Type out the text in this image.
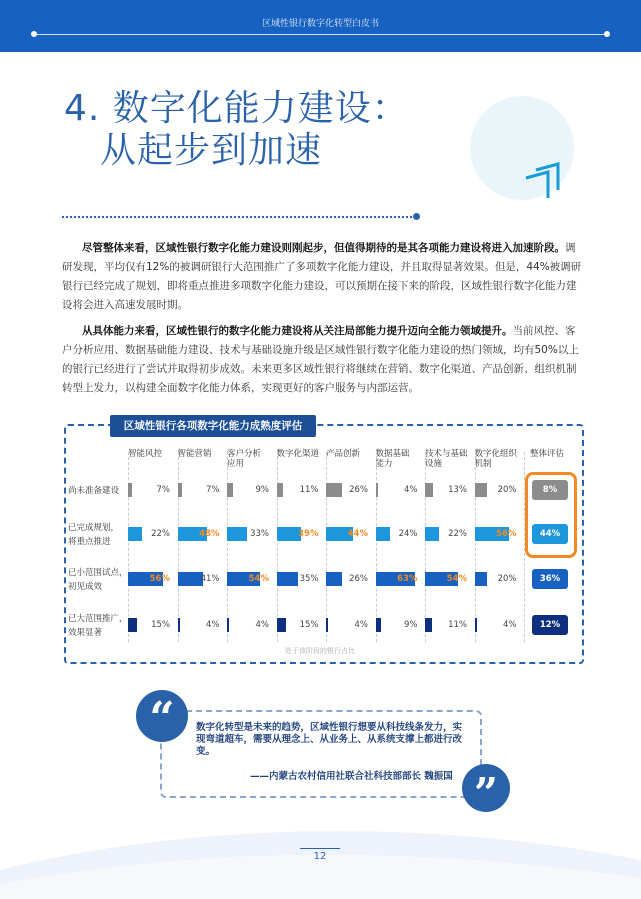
区域性银行数字化转型白皮书
4. 数字化能力建设：
从起步到加速
尽管整体来看，区域性银行数字化能力建设则刚起步，但值得期待的是其各项能力建设将进入加速阶段。调研发现，平均仅有12%的被调研银行大范围推广了多项数字化能力建设，并且取得显著效果。但是，44%被调研银行已经完成了规划，即将重点推进多项数字化能力建设，可以预期在接下来的阶段，区域性银行数字化能力建设将会进入高速发展时期。
从具体能力来看，区域性银行的数字化能力建设将从关注局部能力提升迈向全能力领域提升。当前风控、客户分析应用、数据基础能力建设、技术与基础设施升级是区域性银行数字化能力建设的热门领域，均有50%以上的银行已经进行了尝试并取得初步成效。未来更多区域性银行将继续在营销、数字化渠道、产品创新、组织机制转型上发力，以构建全面数字化能力体系，实现更好的客户服务与内部运营。
区域性银行各项数字化能力成熟度评估
智能风控 智能营销 客户分析
应用
数字化渠道 产品创新 数据基础
能力
技术与基础
设施
数字化组织
机制
尚未准备建设	7%	7%	9%	11%	26%	4%	13%	20%	8%
已完成规划，
将重点推进
22%	48%	33%	39%	44%	24%	22%	56%	44%
已小范围试点，
初见成效
56%	41%	54%	35%	26%	63%	54%	20%	36%
已大范围推广，
效果显著
15%	4%	4%	15%	4%	9%	11%	4%	12%
整体评估
处于该阶段的银行占比
“
”
数字化转型是未来的趋势，区域性银行想要从科技线条发力，实现弯道超车，需要从理念上、从业务上、从系统支撑上都进行改变。
——内蒙古农村信用社联合社科技部部长 魏振国
12
